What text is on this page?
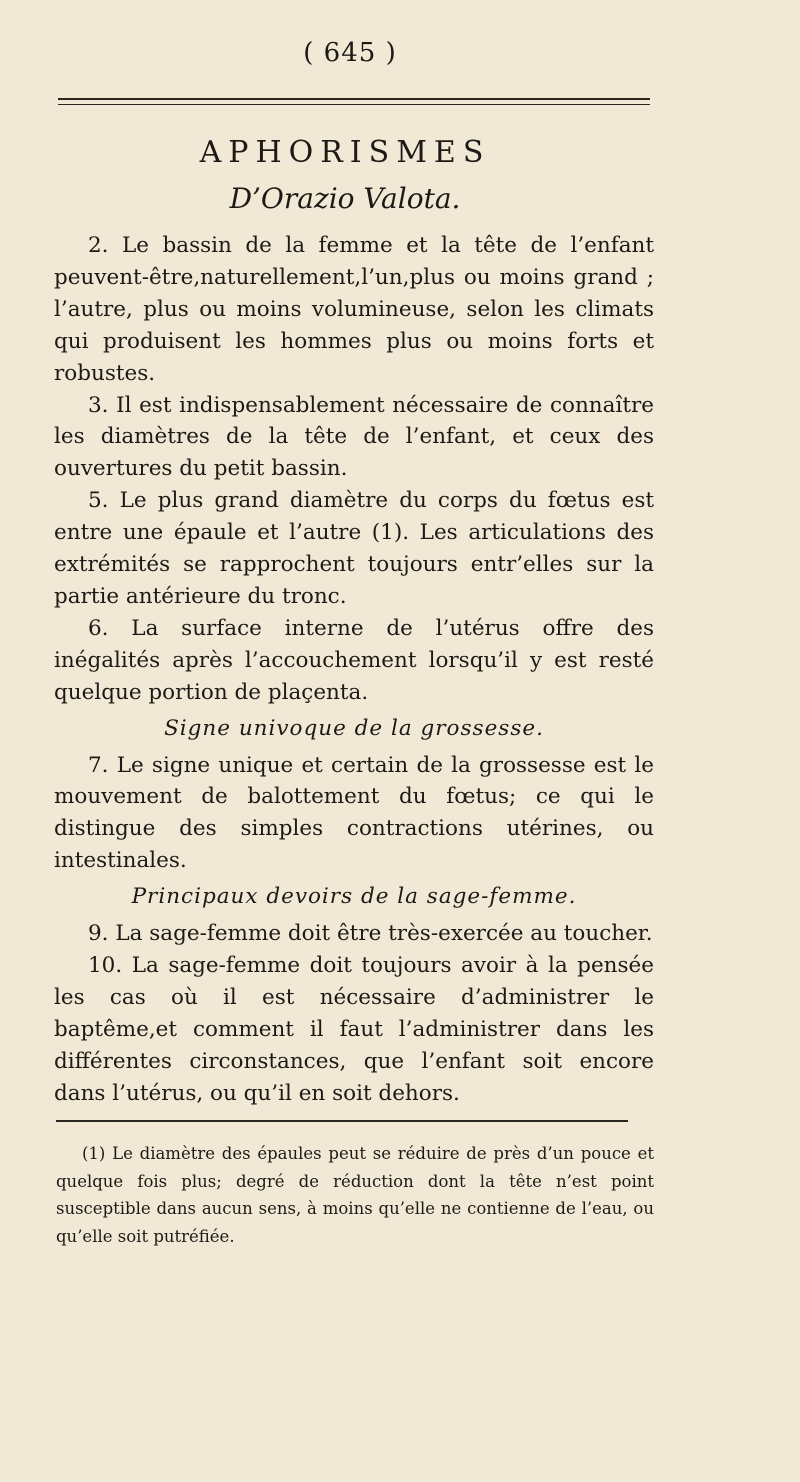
( 645 )
APHORISMES
D’Orazio Valota.

2. Le bassin de la femme et la tête de l’enfant peuvent-être,naturellement,l’un,plus ou moins grand ; l’autre, plus ou moins volumineuse, selon les climats qui produisent les hommes plus ou moins forts et robustes.

3. Il est indispensablement nécessaire de connaître les diamètres de la tête de l’enfant, et ceux des ouvertures du petit bassin.

5. Le plus grand diamètre du corps du fœtus est entre une épaule et l’autre (1). Les articulations des extrémités se rapprochent toujours entr’elles sur la partie antérieure du tronc.

6. La surface interne de l’utérus offre des inégalités après l’accouchement lorsqu’il y est resté quelque portion de plaçenta.

Signe univoque de la grossesse.

7. Le signe unique et certain de la grossesse est le mouvement de balottement du fœtus; ce qui le distingue des simples contractions utérines, ou intestinales.

Principaux devoirs de la sage-femme.

9. La sage-femme doit être très-exercée au toucher.

10. La sage-femme doit toujours avoir à la pensée les cas où il est nécessaire d’administrer le baptême,et comment il faut l’administrer dans les différentes circonstances, que l’enfant soit encore dans l’utérus, ou qu’il en soit dehors.

(1) Le diamètre des épaules peut se réduire de près d’un pouce et quelque fois plus; degré de réduction dont la tête n’est point susceptible dans aucun sens, à moins qu’elle ne contienne de l’eau, ou qu’elle soit putréfiée.
